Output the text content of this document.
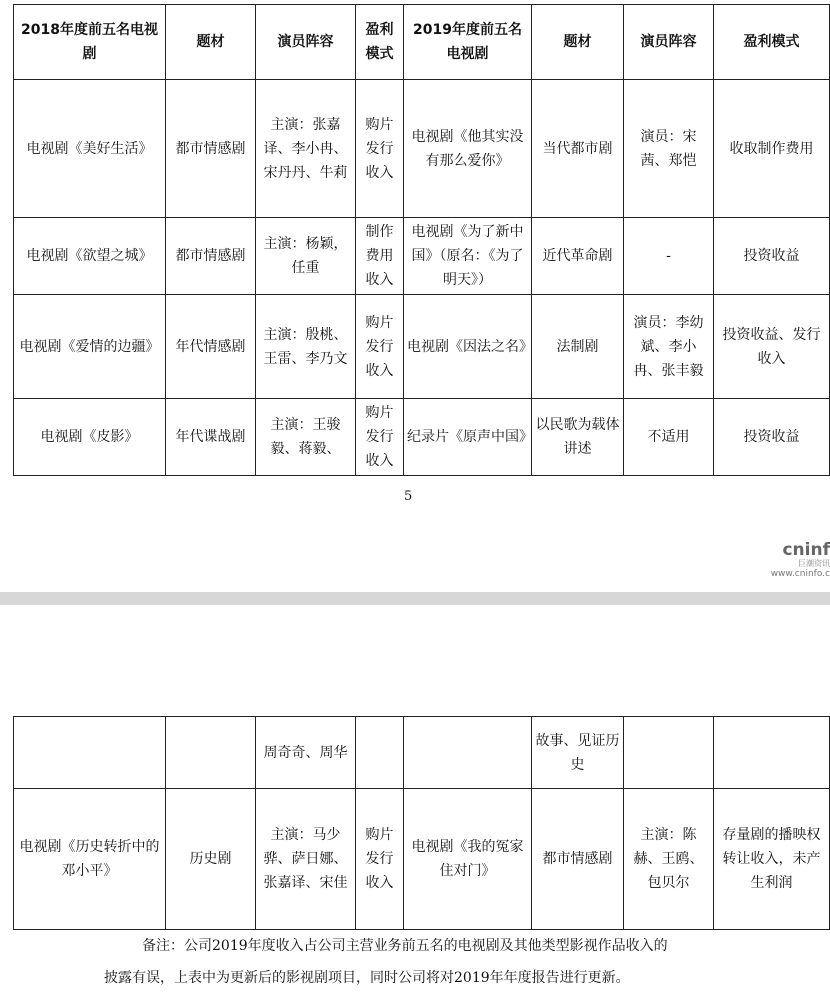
2018年度前五名电视剧	题材	演员阵容	盈利模式	2019年度前五名电视剧	题材	演员阵容	盈利模式
电视剧《美好生活》	都市情感剧	主演：张嘉译、李小冉、宋丹丹、牛莉	购片发行收入	电视剧《他其实没有那么爱你》	当代都市剧	演员：宋茜、郑恺	收取制作费用
电视剧《欲望之城》	都市情感剧	主演：杨颖，任重	制作费用收入	电视剧《为了新中国》（原名：《为了明天》）	近代革命剧	-	投资收益
电视剧《爱情的边疆》	年代情感剧	主演：殷桃、王雷、李乃文	购片发行收入	电视剧《因法之名》	法制剧	演员：李幼斌、李小冉、张丰毅	投资收益、发行收入
电视剧《皮影》	年代谍战剧	主演：王骏毅、蒋毅、	购片发行收入	纪录片《原声中国》	以民歌为载体讲述	不适用	投资收益
5
cninf
巨潮资讯
www.cninfo.c
		周奇奇、周华			故事、见证历史		
电视剧《历史转折中的邓小平》	历史剧	主演：马少骅、萨日娜、张嘉译、宋佳	购片发行收入	电视剧《我的冤家住对门》	都市情感剧	主演：陈赫、王鸥、包贝尔	存量剧的播映权转让收入，未产生利润
备注：公司2019年度收入占公司主营业务前五名的电视剧及其他类型影视作品收入的
披露有误，上表中为更新后的影视剧项目，同时公司将对2019年年度报告进行更新。
